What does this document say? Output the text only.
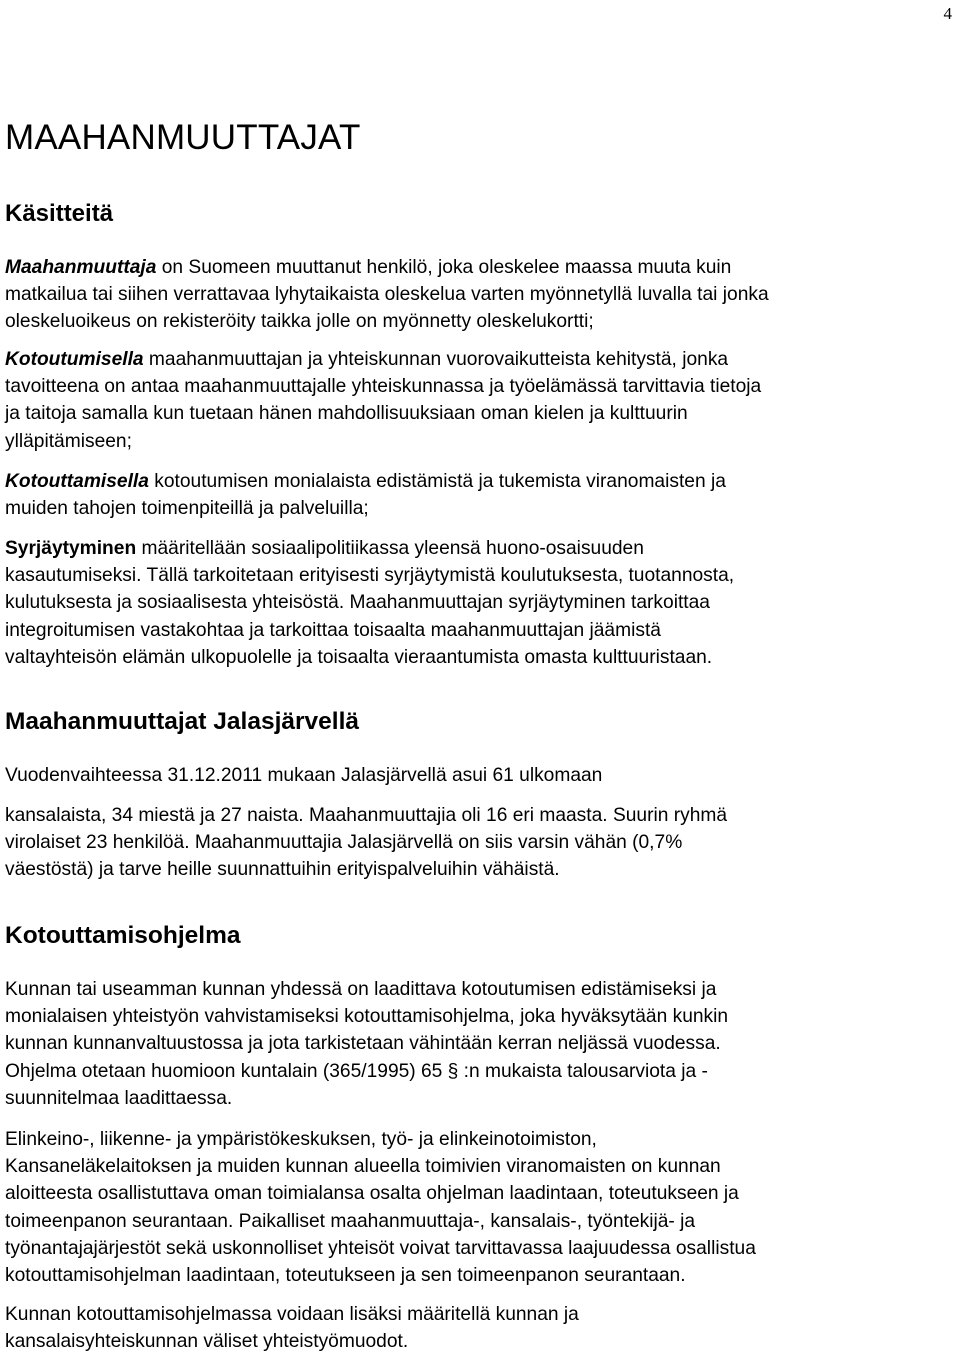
4
MAAHANMUUTTAJAT
Käsitteitä
Maahanmuuttaja on Suomeen muuttanut henkilö, joka oleskelee maassa muuta kuin
matkailua tai siihen verrattavaa lyhytaikaista oleskelua varten myönnetyllä luvalla tai jonka
oleskeluoikeus on rekisteröity taikka jolle on myönnetty oleskelukortti;
Kotoutumisella maahanmuuttajan ja yhteiskunnan vuorovaikutteista kehitystä, jonka
tavoitteena on antaa maahanmuuttajalle yhteiskunnassa ja työelämässä tarvittavia tietoja
ja taitoja samalla kun tuetaan hänen mahdollisuuksiaan oman kielen ja kulttuurin
ylläpitämiseen;
Kotouttamisella kotoutumisen monialaista edistämistä ja tukemista viranomaisten ja
muiden tahojen toimenpiteillä ja palveluilla;
Syrjäytyminen määritellään sosiaalipolitiikassa yleensä huono-osaisuuden
kasautumiseksi. Tällä tarkoitetaan erityisesti syrjäytymistä koulutuksesta, tuotannosta,
kulutuksesta ja sosiaalisesta yhteisöstä. Maahanmuuttajan syrjäytyminen tarkoittaa
integroitumisen vastakohtaa ja tarkoittaa toisaalta maahanmuuttajan jäämistä
valtayhteisön elämän ulkopuolelle ja toisaalta vieraantumista omasta kulttuuristaan.
Maahanmuuttajat Jalasjärvellä
Vuodenvaihteessa 31.12.2011 mukaan Jalasjärvellä asui 61 ulkomaan
kansalaista, 34 miestä ja 27 naista. Maahanmuuttajia oli 16 eri maasta. Suurin ryhmä
virolaiset 23 henkilöä. Maahanmuuttajia Jalasjärvellä on siis varsin vähän (0,7%
väestöstä) ja tarve heille suunnattuihin erityispalveluihin vähäistä.
Kotouttamisohjelma
Kunnan tai useamman kunnan yhdessä on laadittava kotoutumisen edistämiseksi ja
monialaisen yhteistyön vahvistamiseksi kotouttamisohjelma, joka hyväksytään kunkin
kunnan kunnanvaltuustossa ja jota tarkistetaan vähintään kerran neljässä vuodessa.
Ohjelma otetaan huomioon kuntalain (365/1995) 65 § :n mukaista talousarviota ja -
suunnitelmaa laadittaessa.
Elinkeino-, liikenne- ja ympäristökeskuksen, työ- ja elinkeinotoimiston,
Kansaneläkelaitoksen ja muiden kunnan alueella toimivien viranomaisten on kunnan
aloitteesta osallistuttava oman toimialansa osalta ohjelman laadintaan, toteutukseen ja
toimeenpanon seurantaan. Paikalliset maahanmuuttaja-, kansalais-, työntekijä- ja
työnantajajärjestöt sekä uskonnolliset yhteisöt voivat tarvittavassa laajuudessa osallistua
kotouttamisohjelman laadintaan, toteutukseen ja sen toimeenpanon seurantaan.
Kunnan kotouttamisohjelmassa voidaan lisäksi määritellä kunnan ja
kansalaisyhteiskunnan väliset yhteistyömuodot.
